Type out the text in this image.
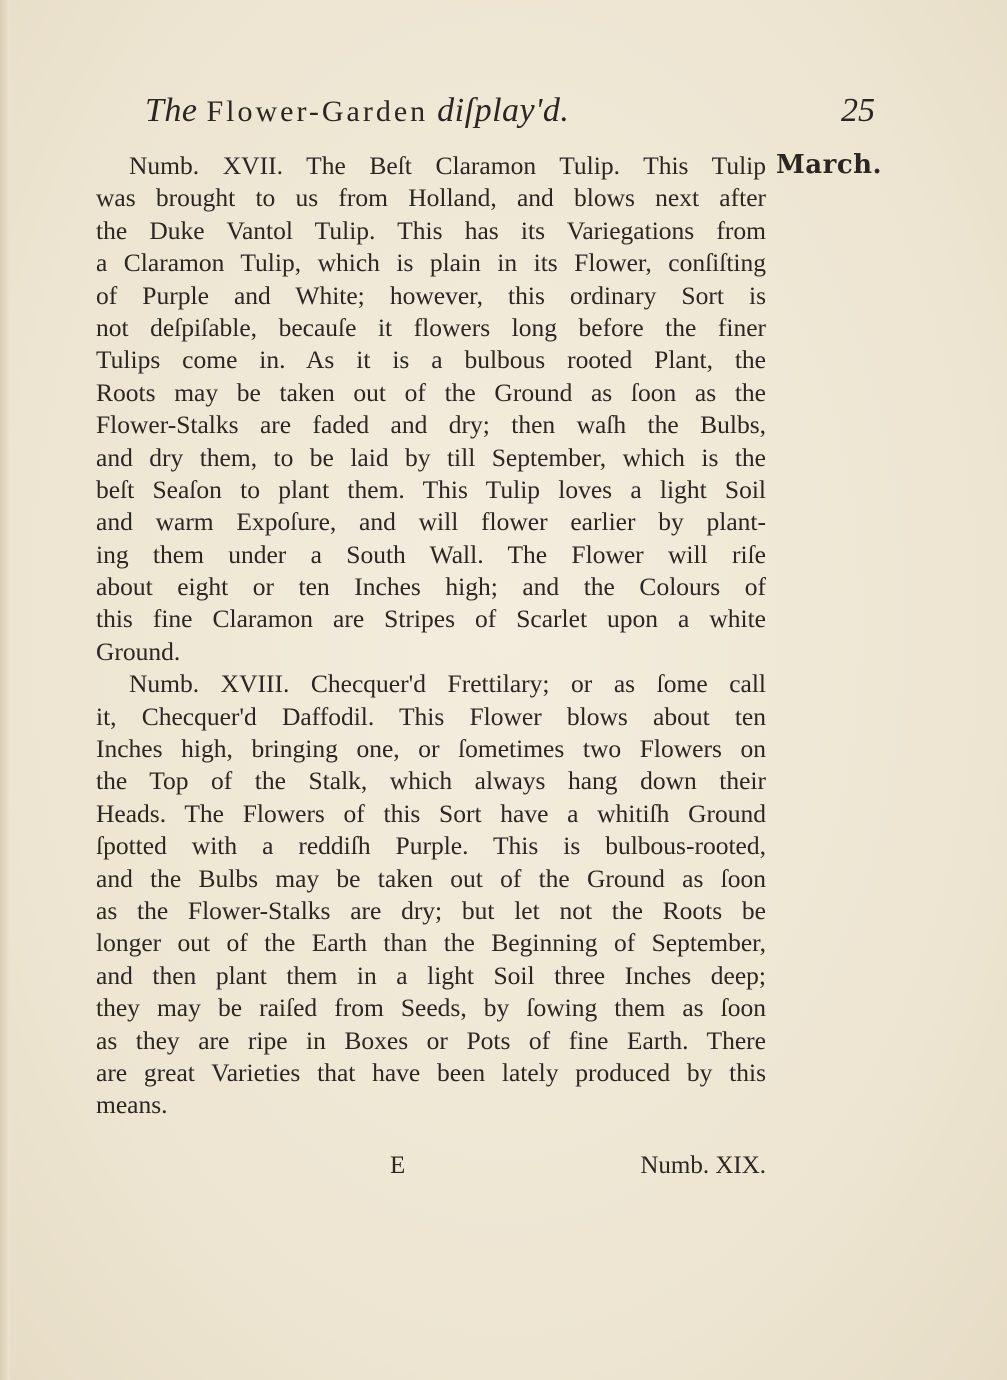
The Flower-Garden diſplay'd.	25
March.
Numb. XVII. The Beſt Claramon Tulip. This Tulip
was brought to us from Holland, and blows next after
the Duke Vantol Tulip. This has its Variegations from
a Claramon Tulip, which is plain in its Flower, conſiſting
of Purple and White; however, this ordinary Sort is
not deſpiſable, becauſe it flowers long before the finer
Tulips come in. As it is a bulbous rooted Plant, the
Roots may be taken out of the Ground as ſoon as the
Flower-Stalks are faded and dry; then waſh the Bulbs,
and dry them, to be laid by till September, which is the
beſt Seaſon to plant them. This Tulip loves a light Soil
and warm Expoſure, and will flower earlier by plant-
ing them under a South Wall. The Flower will riſe
about eight or ten Inches high; and the Colours of
this fine Claramon are Stripes of Scarlet upon a white
Ground.
Numb. XVIII. Checquer'd Frettilary; or as ſome call
it, Checquer'd Daffodil. This Flower blows about ten
Inches high, bringing one, or ſometimes two Flowers on
the Top of the Stalk, which always hang down their
Heads. The Flowers of this Sort have a whitiſh Ground
ſpotted with a reddiſh Purple. This is bulbous-rooted,
and the Bulbs may be taken out of the Ground as ſoon
as the Flower-Stalks are dry; but let not the Roots be
longer out of the Earth than the Beginning of September,
and then plant them in a light Soil three Inches deep;
they may be raiſed from Seeds, by ſowing them as ſoon
as they are ripe in Boxes or Pots of fine Earth. There
are great Varieties that have been lately produced by this
means.
E	Numb. XIX.
